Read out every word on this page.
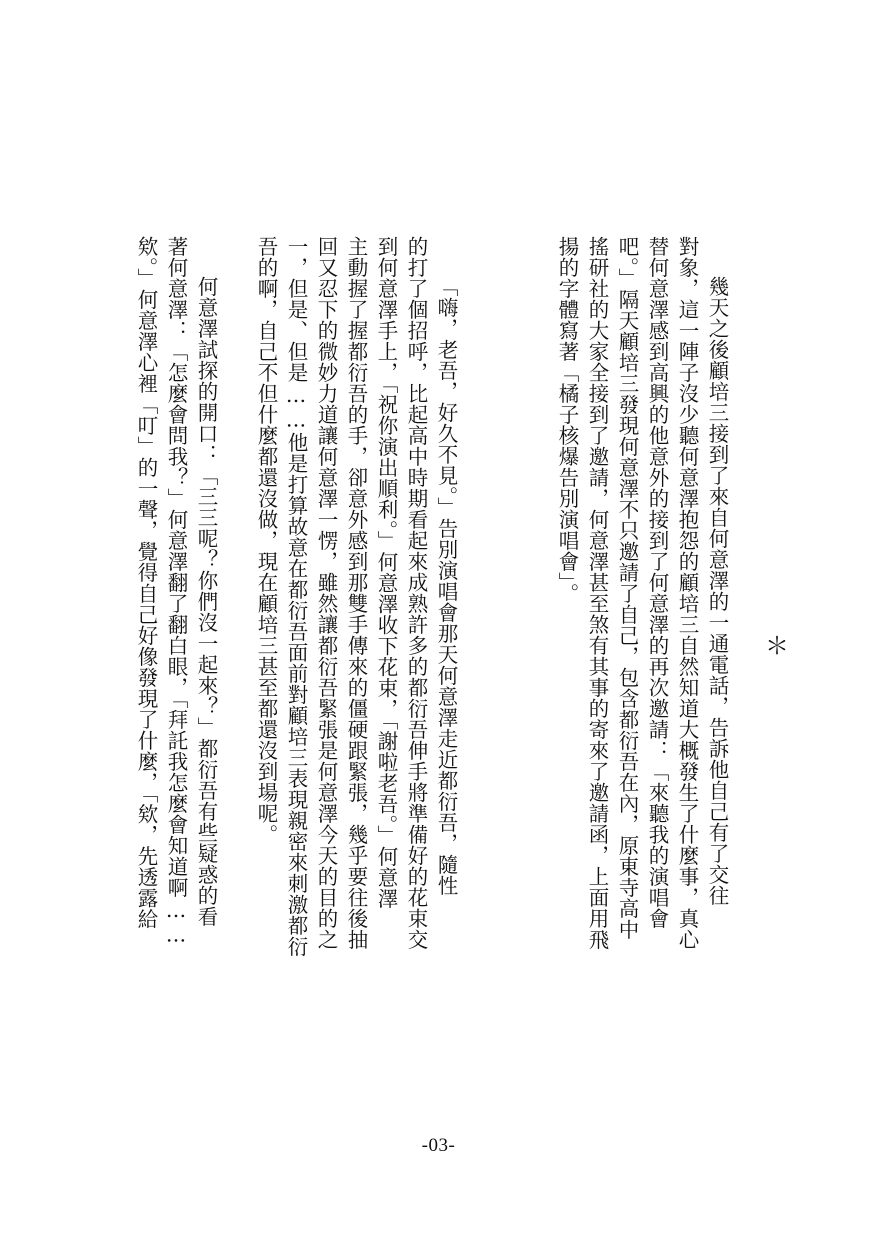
＊
幾天之後顧培三接到了來自何意澤的一通電話，告訴他自己有了交往
對象，這一陣子沒少聽何意澤抱怨的顧培三自然知道大概發生了什麼事，真心
替何意澤感到高興的他意外的接到了何意澤的再次邀請：「來聽我的演唱會
吧。」隔天顧培三發現何意澤不只邀請了自己，包含都衍吾在內，原東寺高中
搖研社的大家全接到了邀請，何意澤甚至煞有其事的寄來了邀請函，上面用飛
揚的字體寫著「橘子核爆告別演唱會」。
「嗨，老吾，好久不見。」告別演唱會那天何意澤走近都衍吾，隨性
的打了個招呼，比起高中時期看起來成熟許多的都衍吾伸手將準備好的花束交
到何意澤手上，「祝你演出順利。」何意澤收下花束，「謝啦老吾。」何意澤
主動握了握都衍吾的手，卻意外感到那雙手傳來的僵硬跟緊張，幾乎要往後抽
回又忍下的微妙力道讓何意澤一愣，雖然讓都衍吾緊張是何意澤今天的目的之
一，但是、但是……他是打算故意在都衍吾面前對顧培三表現親密來刺激都衍
吾的啊，自己不但什麼都還沒做，現在顧培三甚至都還沒到場呢。
何意澤試探的開口：「三三呢？你們沒一起來？」都衍吾有些疑惑的看
著何意澤：「怎麼會問我？」何意澤翻了翻白眼，「拜託我怎麼會知道啊……
欸。」何意澤心裡「叮」的一聲，覺得自己好像發現了什麼，「欸，先透露給
-03-
